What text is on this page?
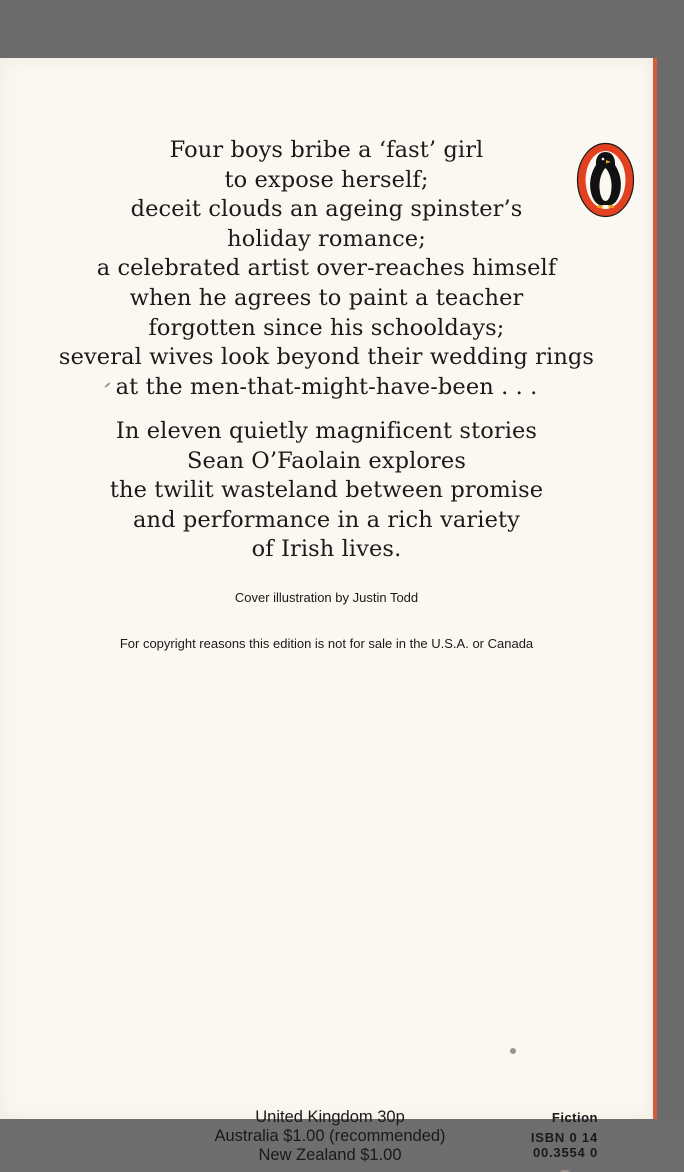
Four boys bribe a ‘fast’ girl
to expose herself;
deceit clouds an ageing spinster’s
holiday romance;
a celebrated artist over-reaches himself
when he agrees to paint a teacher
forgotten since his schooldays;
several wives look beyond their wedding rings
at the men-that-might-have-been . . .
In eleven quietly magnificent stories
Sean O’Faolain explores
the twilit wasteland between promise
and performance in a rich variety
of Irish lives.
Cover illustration by Justin Todd
For copyright reasons this edition is not for sale in the U.S.A. or Canada
United Kingdom 30p
Australia $1.00 (recommended)
New Zealand $1.00
Fiction
ISBN 0 14
00.3554 0
